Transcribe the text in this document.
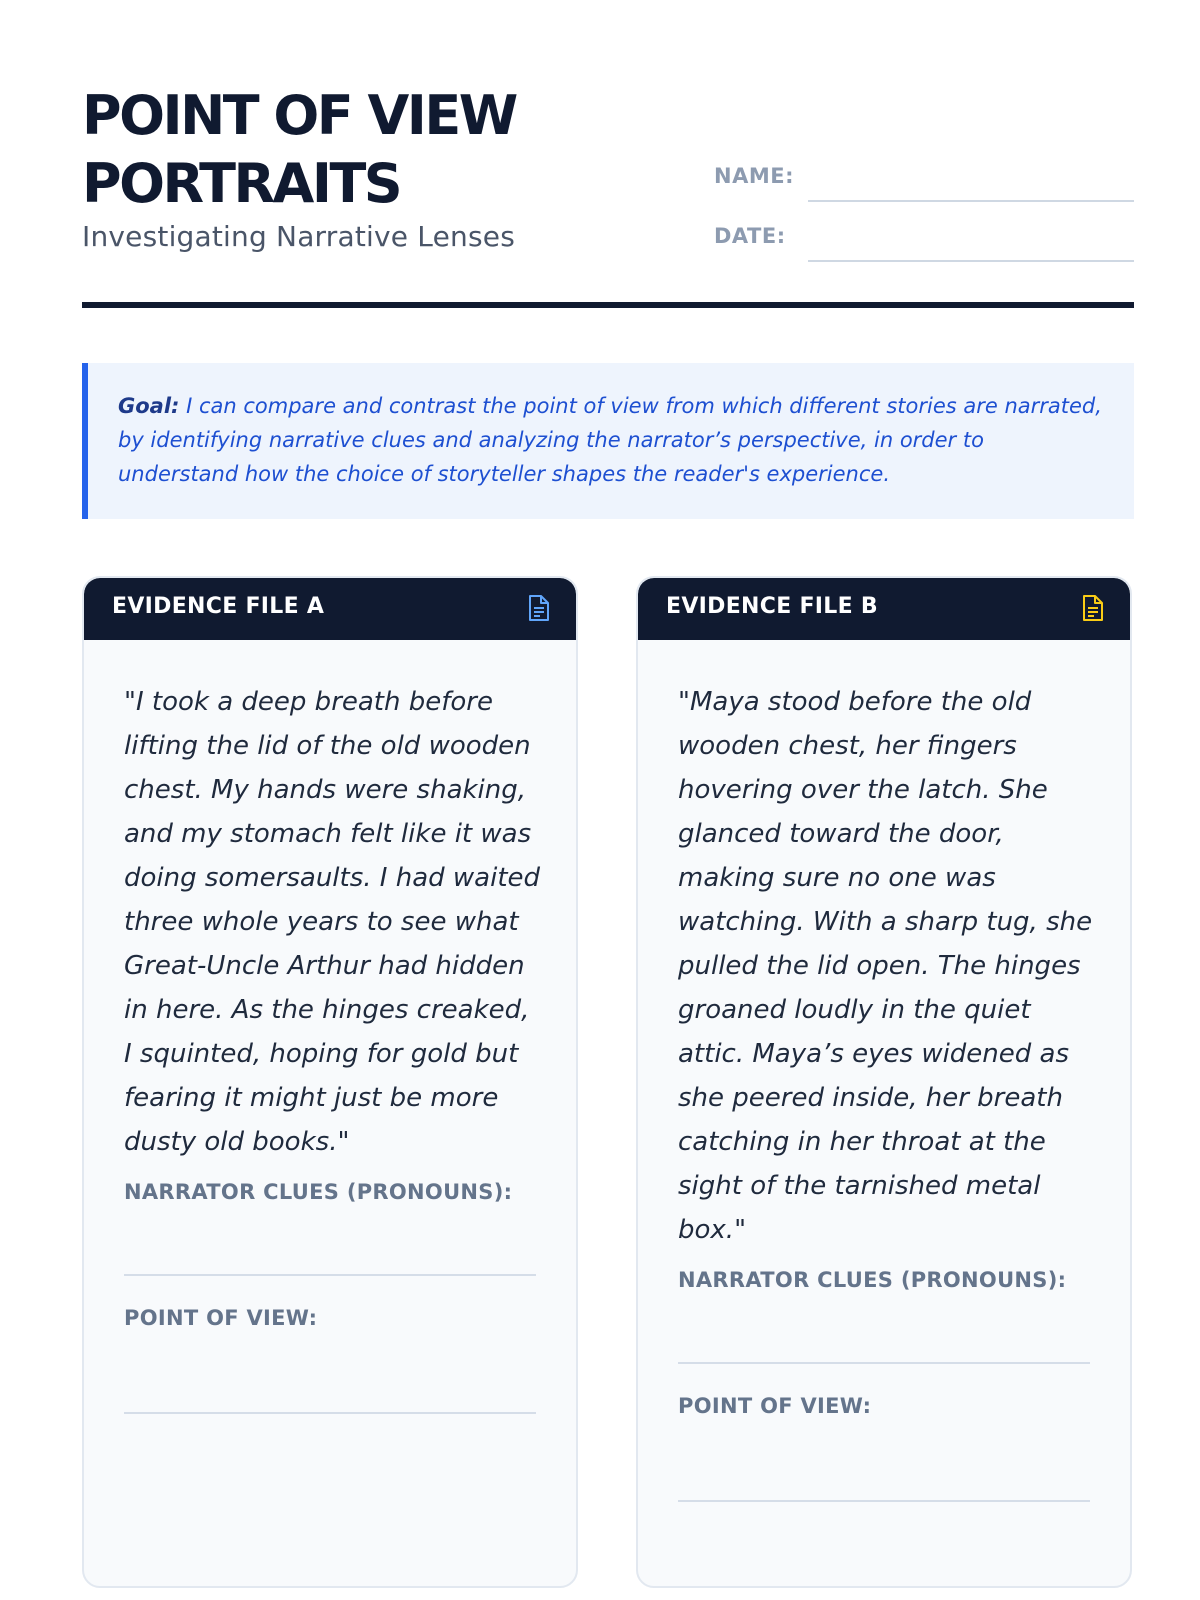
POINT OF VIEW
PORTRAITS
Investigating Narrative Lenses
NAME:
DATE:
Goal: I can compare and contrast the point of view from which different stories are narrated, by identifying narrative clues and analyzing the narrator’s perspective, in order to understand how the choice of storyteller shapes the reader's experience.
EVIDENCE FILE A

"I took a deep breath before lifting the lid of the old wooden chest. My hands were shaking, and my stomach felt like it was doing somersaults. I had waited three whole years to see what Great-Uncle Arthur had hidden in here. As the hinges creaked, I squinted, hoping for gold but fearing it might just be more dusty old books."

NARRATOR CLUES (PRONOUNS):
POINT OF VIEW:
EVIDENCE FILE B

"Maya stood before the old wooden chest, her fingers hovering over the latch. She glanced toward the door, making sure no one was watching. With a sharp tug, she pulled the lid open. The hinges groaned loudly in the quiet attic. Maya’s eyes widened as she peered inside, her breath catching in her throat at the sight of the tarnished metal box."

NARRATOR CLUES (PRONOUNS):
POINT OF VIEW:
